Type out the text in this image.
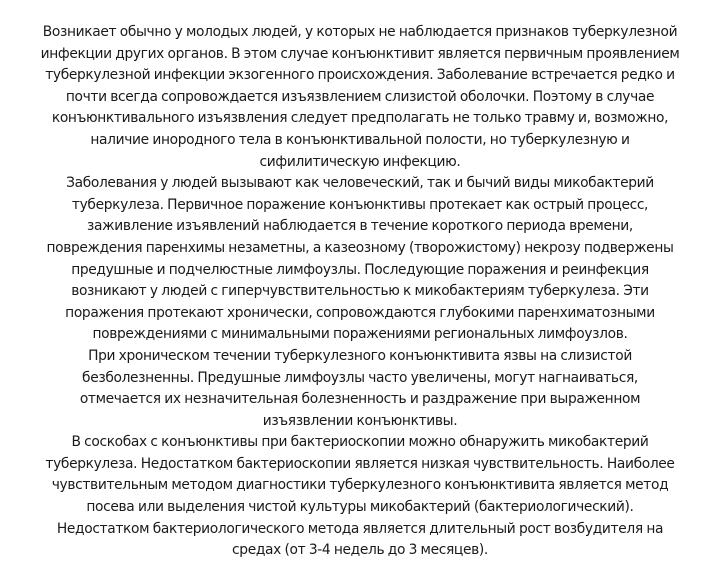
Возникает обычно у молодых людей, у которых не наблюдается признаков туберкулезной инфекции других органов. В этом случае конъюнктивит является первичным проявлением туберкулезной инфекции экзогенного происхождения. Заболевание встречается редко и почти всегда сопровождается изъязвлением слизистой оболочки. Поэтому в случае конъюнктивального изъязвления следует предполагать не только травму и, возможно, наличие инородного тела в конъюнктивальной полости, но туберкулезную и сифилитическую инфекцию.

Заболевания у людей вызывают как человеческий, так и бычий виды микобактерий туберкулеза. Первичное поражение конъюнктивы протекает как острый процесс, заживление изъявлений наблюдается в течение короткого периода времени, повреждения паренхимы незаметны, а казеозному (творожистому) некрозу подвержены предушные и подчелюстные лимфоузлы. Последующие поражения и реинфекция возникают у людей с гиперчувствительностью к микобактериям туберкулеза. Эти поражения протекают хронически, сопровождаются глубокими паренхиматозными повреждениями с минимальными поражениями региональных лимфоузлов.

При хроническом течении туберкулезного конъюнктивита язвы на слизистой безболезненны. Предушные лимфоузлы часто увеличены, могут нагнаиваться, отмечается их незначительная болезненность и раздражение при выраженном изъязвлении конъюнктивы.

В соскобах с конъюнктивы при бактериоскопии можно обнаружить микобактерий туберкулеза. Недостатком бактериоскопии является низкая чувствительность. Наиболее чувствительным методом диагностики туберкулезного конъюнктивита является метод посева или выделения чистой культуры микобактерий (бактериологический). Недостатком бактериологического метода является длительный рост возбудителя на средах (от 3-4 недель до 3 месяцев).
